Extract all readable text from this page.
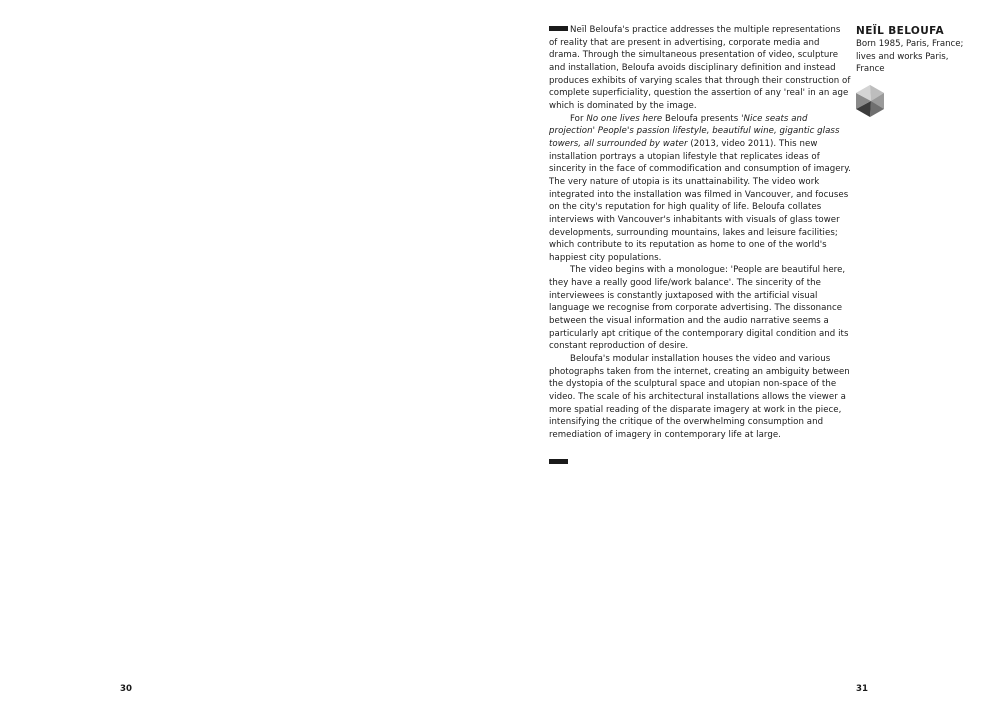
Neïl Beloufa's practice addresses the multiple representations of reality that are present in advertising, corporate media and drama. Through the simultaneous presentation of video, sculpture and installation, Beloufa avoids disciplinary definition and instead produces exhibits of varying scales that through their construction of complete superficiality, question the assertion of any 'real' in an age which is dominated by the image.

For No one lives here Beloufa presents 'Nice seats and projection' People's passion lifestyle, beautiful wine, gigantic glass towers, all surrounded by water (2013, video 2011). This new installation portrays a utopian lifestyle that replicates ideas of sincerity in the face of commodification and consumption of imagery. The very nature of utopia is its unattainability. The video work integrated into the installation was filmed in Vancouver, and focuses on the city's reputation for high quality of life. Beloufa collates interviews with Vancouver's inhabitants with visuals of glass tower developments, surrounding mountains, lakes and leisure facilities; which contribute to its reputation as home to one of the world's happiest city populations.

The video begins with a monologue: 'People are beautiful here, they have a really good life/work balance'. The sincerity of the interviewees is constantly juxtaposed with the artificial visual language we recognise from corporate advertising. The dissonance between the visual information and the audio narrative seems a particularly apt critique of the contemporary digital condition and its constant reproduction of desire.

Beloufa's modular installation houses the video and various photographs taken from the internet, creating an ambiguity between the dystopia of the sculptural space and utopian non-space of the video. The scale of his architectural installations allows the viewer a more spatial reading of the disparate imagery at work in the piece, intensifying the critique of the overwhelming consumption and remediation of imagery in contemporary life at large.

NEÏL BELOUFA
Born 1985, Paris, France; lives and works Paris, France
30	31
